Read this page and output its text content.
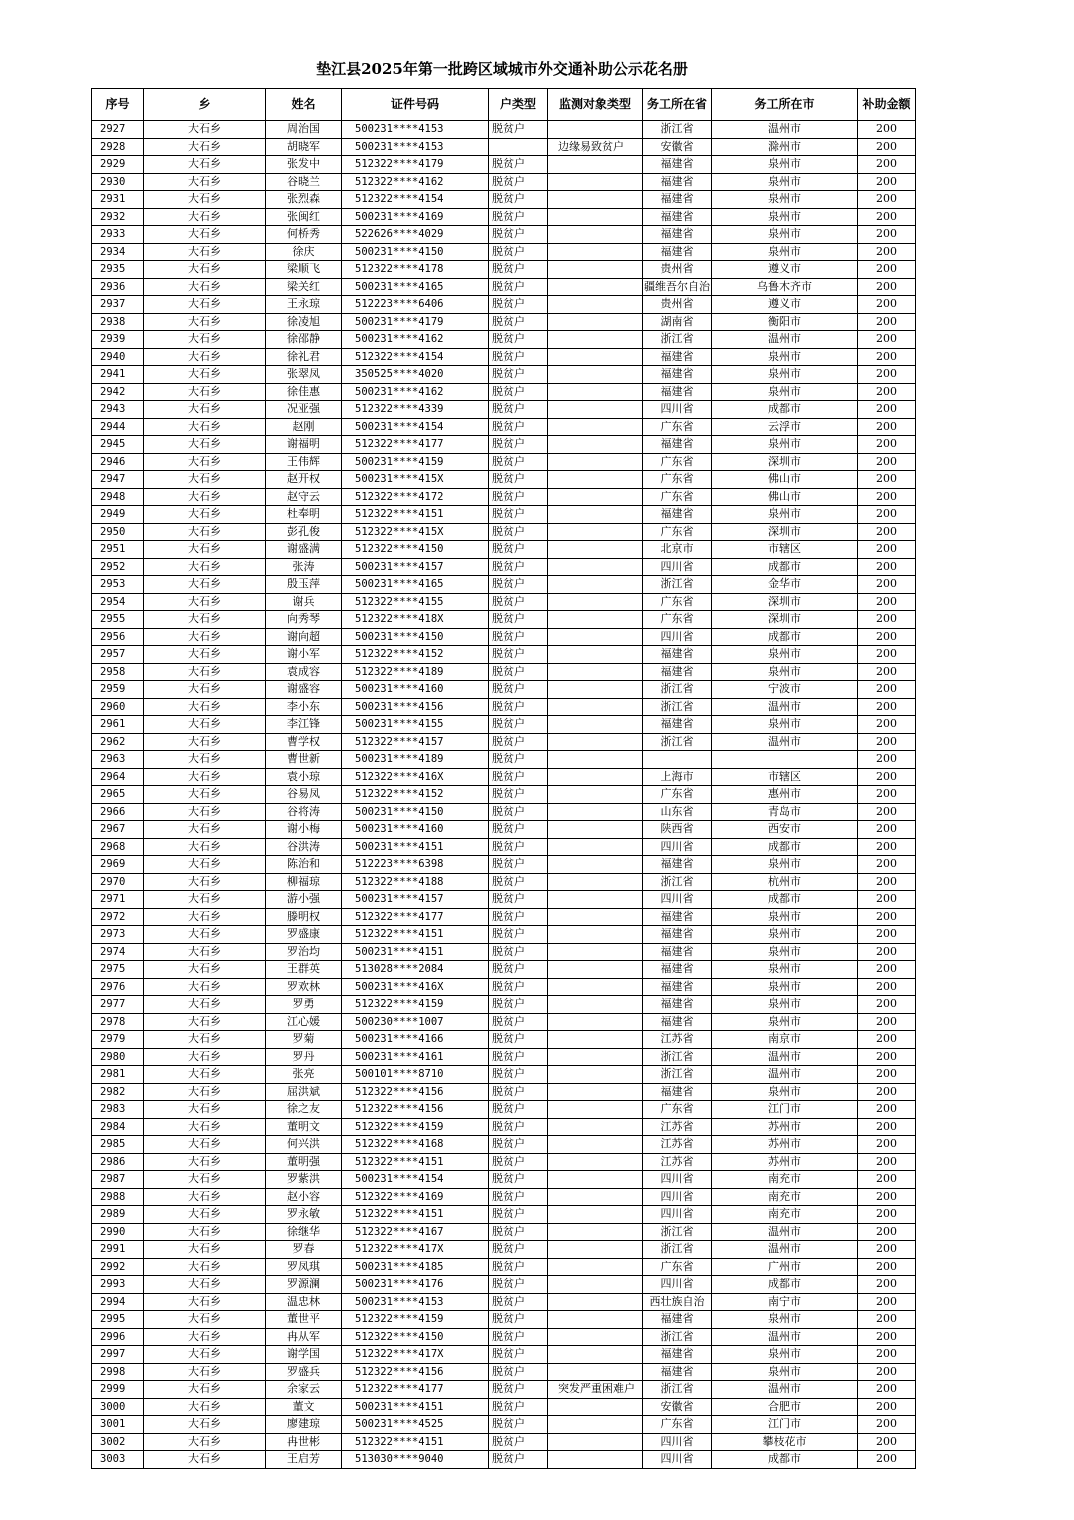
垫江县2025年第一批跨区域城市外交通补助公示花名册
序号	乡	姓名	证件号码	户类型	监测对象类型	务工所在省	务工所在市	补助金额
2927	大石乡	周治国	500231****4153	脱贫户		浙江省	温州市	200
2928	大石乡	胡晓军	500231****4153		边缘易致贫户	安徽省	滁州市	200
2929	大石乡	张发中	512322****4179	脱贫户		福建省	泉州市	200
2930	大石乡	谷晓兰	512322****4162	脱贫户		福建省	泉州市	200
2931	大石乡	张烈森	512322****4154	脱贫户		福建省	泉州市	200
2932	大石乡	张闽红	500231****4169	脱贫户		福建省	泉州市	200
2933	大石乡	何桥秀	522626****4029	脱贫户		福建省	泉州市	200
2934	大石乡	徐庆	500231****4150	脱贫户		福建省	泉州市	200
2935	大石乡	梁顺飞	512322****4178	脱贫户		贵州省	遵义市	200
2936	大石乡	梁关红	500231****4165	脱贫户		疆维吾尔自治	乌鲁木齐市	200
2937	大石乡	王永琼	512223****6406	脱贫户		贵州省	遵义市	200
2938	大石乡	徐凌旭	500231****4179	脱贫户		湖南省	衡阳市	200
2939	大石乡	徐邵静	500231****4162	脱贫户		浙江省	温州市	200
2940	大石乡	徐礼君	512322****4154	脱贫户		福建省	泉州市	200
2941	大石乡	张翠凤	350525****4020	脱贫户		福建省	泉州市	200
2942	大石乡	徐佳惠	500231****4162	脱贫户		福建省	泉州市	200
2943	大石乡	况亚强	512322****4339	脱贫户		四川省	成都市	200
2944	大石乡	赵刚	500231****4154	脱贫户		广东省	云浮市	200
2945	大石乡	谢福明	512322****4177	脱贫户		福建省	泉州市	200
2946	大石乡	王伟辉	500231****4159	脱贫户		广东省	深圳市	200
2947	大石乡	赵开权	500231****415X	脱贫户		广东省	佛山市	200
2948	大石乡	赵守云	512322****4172	脱贫户		广东省	佛山市	200
2949	大石乡	杜奉明	512322****4151	脱贫户		福建省	泉州市	200
2950	大石乡	彭孔俊	512322****415X	脱贫户		广东省	深圳市	200
2951	大石乡	谢盛满	512322****4150	脱贫户		北京市	市辖区	200
2952	大石乡	张涛	500231****4157	脱贫户		四川省	成都市	200
2953	大石乡	殷玉萍	500231****4165	脱贫户		浙江省	金华市	200
2954	大石乡	谢兵	512322****4155	脱贫户		广东省	深圳市	200
2955	大石乡	向秀琴	512322****418X	脱贫户		广东省	深圳市	200
2956	大石乡	谢向超	500231****4150	脱贫户		四川省	成都市	200
2957	大石乡	谢小军	512322****4152	脱贫户		福建省	泉州市	200
2958	大石乡	袁成容	512322****4189	脱贫户		福建省	泉州市	200
2959	大石乡	谢盛容	500231****4160	脱贫户		浙江省	宁波市	200
2960	大石乡	李小东	500231****4156	脱贫户		浙江省	温州市	200
2961	大石乡	李江锋	500231****4155	脱贫户		福建省	泉州市	200
2962	大石乡	曹学权	512322****4157	脱贫户		浙江省	温州市	200
2963	大石乡	曹世新	500231****4189	脱贫户				200
2964	大石乡	袁小琼	512322****416X	脱贫户		上海市	市辖区	200
2965	大石乡	谷易凤	512322****4152	脱贫户		广东省	惠州市	200
2966	大石乡	谷将涛	500231****4150	脱贫户		山东省	青岛市	200
2967	大石乡	谢小梅	500231****4160	脱贫户		陕西省	西安市	200
2968	大石乡	谷洪涛	500231****4151	脱贫户		四川省	成都市	200
2969	大石乡	陈治和	512223****6398	脱贫户		福建省	泉州市	200
2970	大石乡	柳福琼	512322****4188	脱贫户		浙江省	杭州市	200
2971	大石乡	游小强	500231****4157	脱贫户		四川省	成都市	200
2972	大石乡	滕明权	512322****4177	脱贫户		福建省	泉州市	200
2973	大石乡	罗盛康	512322****4151	脱贫户		福建省	泉州市	200
2974	大石乡	罗治均	500231****4151	脱贫户		福建省	泉州市	200
2975	大石乡	王群英	513028****2084	脱贫户		福建省	泉州市	200
2976	大石乡	罗欢林	500231****416X	脱贫户		福建省	泉州市	200
2977	大石乡	罗勇	512322****4159	脱贫户		福建省	泉州市	200
2978	大石乡	江心媛	500230****1007	脱贫户		福建省	泉州市	200
2979	大石乡	罗菊	500231****4166	脱贫户		江苏省	南京市	200
2980	大石乡	罗丹	500231****4161	脱贫户		浙江省	温州市	200
2981	大石乡	张亮	500101****8710	脱贫户		浙江省	温州市	200
2982	大石乡	屈洪斌	512322****4156	脱贫户		福建省	泉州市	200
2983	大石乡	徐之友	512322****4156	脱贫户		广东省	江门市	200
2984	大石乡	董明文	512322****4159	脱贫户		江苏省	苏州市	200
2985	大石乡	何兴洪	512322****4168	脱贫户		江苏省	苏州市	200
2986	大石乡	董明强	512322****4151	脱贫户		江苏省	苏州市	200
2987	大石乡	罗紫洪	500231****4154	脱贫户		四川省	南充市	200
2988	大石乡	赵小容	512322****4169	脱贫户		四川省	南充市	200
2989	大石乡	罗永敏	512322****4151	脱贫户		四川省	南充市	200
2990	大石乡	徐继华	512322****4167	脱贫户		浙江省	温州市	200
2991	大石乡	罗春	512322****417X	脱贫户		浙江省	温州市	200
2992	大石乡	罗凤琪	500231****4185	脱贫户		广东省	广州市	200
2993	大石乡	罗源澜	500231****4176	脱贫户		四川省	成都市	200
2994	大石乡	温忠林	500231****4153	脱贫户		西壮族自治	南宁市	200
2995	大石乡	董世平	512322****4159	脱贫户		福建省	泉州市	200
2996	大石乡	冉从军	512322****4150	脱贫户		浙江省	温州市	200
2997	大石乡	谢学国	512322****417X	脱贫户		福建省	泉州市	200
2998	大石乡	罗盛兵	512322****4156	脱贫户		福建省	泉州市	200
2999	大石乡	余家云	512322****4177	脱贫户	突发严重困难户	浙江省	温州市	200
3000	大石乡	董文	500231****4151	脱贫户		安徽省	合肥市	200
3001	大石乡	廖建琼	500231****4525	脱贫户		广东省	江门市	200
3002	大石乡	冉世彬	512322****4151	脱贫户		四川省	攀枝花市	200
3003	大石乡	王启芳	513030****9040	脱贫户		四川省	成都市	200
